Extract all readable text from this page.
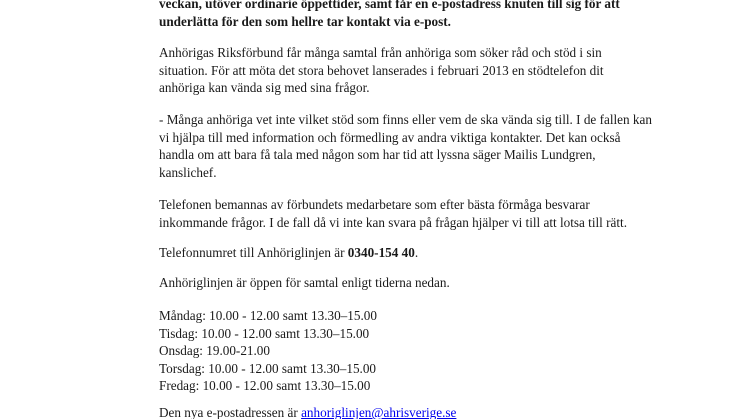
veckan, utöver ordinarie öppettider, samt får en e-postadress knuten till sig för att
underlätta för den som hellre tar kontakt via e-post.

Anhörigas Riksförbund får många samtal från anhöriga som söker råd och stöd i sin
situation. För att möta det stora behovet lanserades i februari 2013 en stödtelefon dit
anhöriga kan vända sig med sina frågor.

- Många anhöriga vet inte vilket stöd som finns eller vem de ska vända sig till. I de fallen kan
vi hjälpa till med information och förmedling av andra viktiga kontakter. Det kan också
handla om att bara få tala med någon som har tid att lyssna säger Mailis Lundgren,
kanslichef.

Telefonen bemannas av förbundets medarbetare som efter bästa förmåga besvarar
inkommande frågor. I de fall då vi inte kan svara på frågan hjälper vi till att lotsa till rätt.

Telefonnumret till Anhöriglinjen är 0340-154 40.

Anhöriglinjen är öppen för samtal enligt tiderna nedan.

Måndag: 10.00 - 12.00 samt 13.30–15.00
Tisdag: 10.00 - 12.00 samt 13.30–15.00
Onsdag: 19.00-21.00
Torsdag: 10.00 - 12.00 samt 13.30–15.00
Fredag: 10.00 - 12.00 samt 13.30–15.00

Den nya e-postadressen är anhoriglinjen@ahrisverige.se
